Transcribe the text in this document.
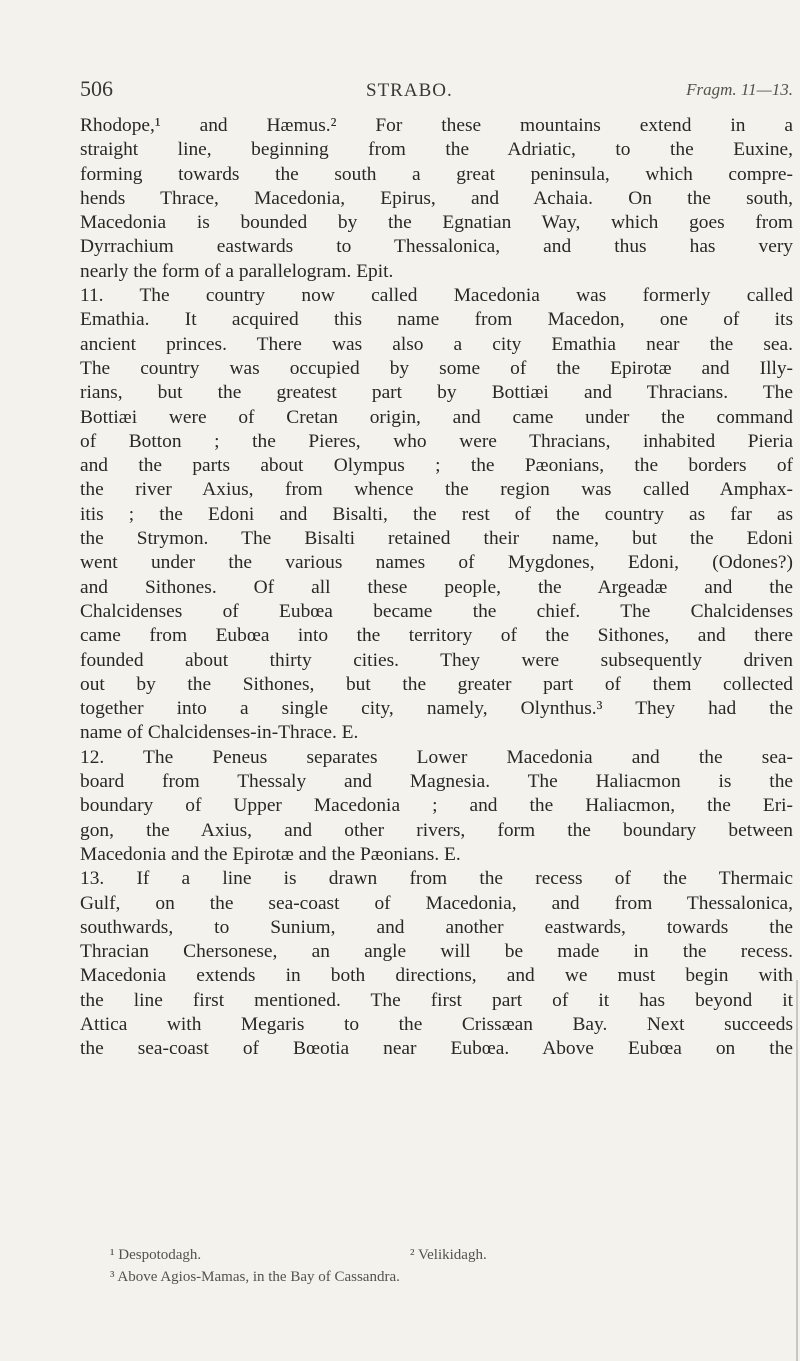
506	STRABO.	Fragm. 11—13.
Rhodope,¹ and Hæmus.² For these mountains extend in a
straight line, beginning from the Adriatic, to the Euxine,
forming towards the south a great peninsula, which compre-
hends Thrace, Macedonia, Epirus, and Achaia. On the south,
Macedonia is bounded by the Egnatian Way, which goes from
Dyrrachium eastwards to Thessalonica, and thus has very
nearly the form of a parallelogram. Epit.
11. The country now called Macedonia was formerly called
Emathia. It acquired this name from Macedon, one of its
ancient princes. There was also a city Emathia near the sea.
The country was occupied by some of the Epirotæ and Illy-
rians, but the greatest part by Bottiæi and Thracians. The
Bottiæi were of Cretan origin, and came under the command
of Botton ; the Pieres, who were Thracians, inhabited Pieria
and the parts about Olympus ; the Pæonians, the borders of
the river Axius, from whence the region was called Amphax-
itis ; the Edoni and Bisalti, the rest of the country as far as
the Strymon. The Bisalti retained their name, but the Edoni
went under the various names of Mygdones, Edoni, (Odones?)
and Sithones. Of all these people, the Argeadæ and the
Chalcidenses of Eubœa became the chief. The Chalcidenses
came from Eubœa into the territory of the Sithones, and there
founded about thirty cities. They were subsequently driven
out by the Sithones, but the greater part of them collected
together into a single city, namely, Olynthus.³ They had the
name of Chalcidenses-in-Thrace. E.
12. The Peneus separates Lower Macedonia and the sea-
board from Thessaly and Magnesia. The Haliacmon is the
boundary of Upper Macedonia ; and the Haliacmon, the Eri-
gon, the Axius, and other rivers, form the boundary between
Macedonia and the Epirotæ and the Pæonians. E.
13. If a line is drawn from the recess of the Thermaic
Gulf, on the sea-coast of Macedonia, and from Thessalonica,
southwards, to Sunium, and another eastwards, towards the
Thracian Chersonese, an angle will be made in the recess.
Macedonia extends in both directions, and we must begin with
the line first mentioned. The first part of it has beyond it
Attica with Megaris to the Crissæan Bay. Next succeeds
the sea-coast of Bœotia near Eubœa. Above Eubœa on the
¹ Despotodagh.	² Velikidagh.
³ Above Agios-Mamas, in the Bay of Cassandra.
